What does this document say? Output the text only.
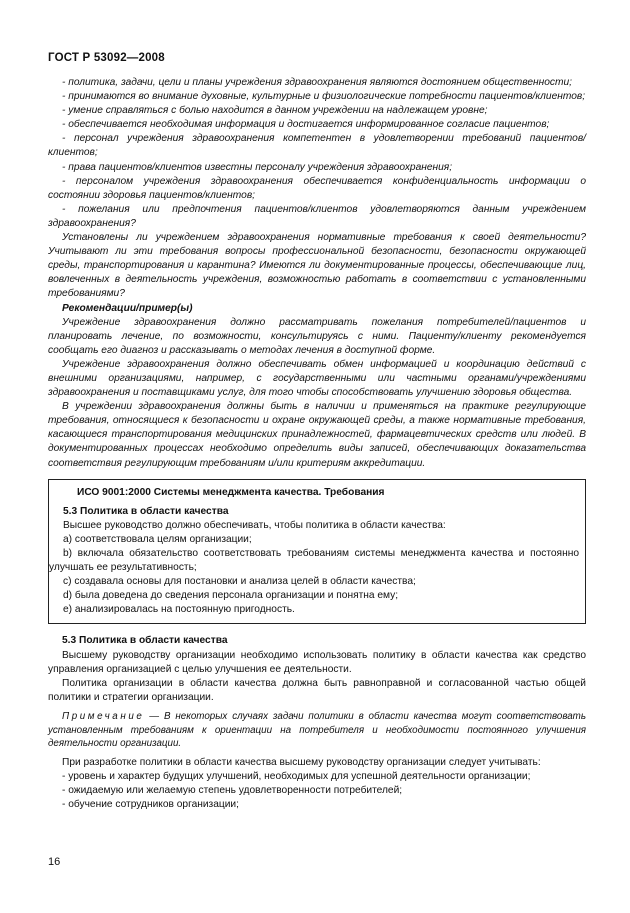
ГОСТ Р 53092—2008

- политика, задачи, цели и планы учреждения здравоохранения являются достоянием общественности;

- принимаются во внимание духовные, культурные и физиологические потребности пациентов/клиентов;

- умение справляться с болью находится в данном учреждении на надлежащем уровне;

- обеспечивается необходимая информация и достигается информированное согласие пациентов;

- персонал учреждения здравоохранения компетентен в удовлетворении требований пациентов/клиентов;

- права пациентов/клиентов известны персоналу учреждения здравоохранения;

- персоналом учреждения здравоохранения обеспечивается конфиденциальность информации о состоянии здоровья пациентов/клиентов;

- пожелания или предпочтения пациентов/клиентов удовлетворяются данным учреждением здравоохранения?

Установлены ли учреждением здравоохранения нормативные требования к своей деятельности? Учитывают ли эти требования вопросы профессиональной безопасности, безопасности окружающей среды, транспортирования и карантина? Имеются ли документированные процессы, обеспечивающие лиц, вовлеченных в деятельность учреждения, возможностью работать в соответствии с установленными требованиями?

Рекомендации/пример(ы)

Учреждение здравоохранения должно рассматривать пожелания потребителей/пациентов и планировать лечение, по возможности, консультируясь с ними. Пациенту/клиенту рекомендуется сообщать его диагноз и рассказывать о методах лечения в доступной форме.

Учреждение здравоохранения должно обеспечивать обмен информацией и координацию действий с внешними организациями, например, с государственными или частными органами/учреждениями здравоохранения и поставщиками услуг, для того чтобы способствовать улучшению здоровья общества.

В учреждении здравоохранения должны быть в наличии и применяться на практике регулирующие требования, относящиеся к безопасности и охране окружающей среды, а также нормативные требования, касающиеся транспортирования медицинских принадлежностей, фармацевтических средств или людей. В документированных процессах необходимо определить виды записей, обеспечивающих доказательства соответствия регулирующим требованиям и/или критериям аккредитации.

ИСО 9001:2000 Системы менеджмента качества. Требования

5.3 Политика в области качества

Высшее руководство должно обеспечивать, чтобы политика в области качества:

a) соответствовала целям организации;

b) включала обязательство соответствовать требованиям системы менеджмента качества и постоянно улучшать ее результативность;

c) создавала основы для постановки и анализа целей в области качества;

d) была доведена до сведения персонала организации и понятна ему;

e) анализировалась на постоянную пригодность.

5.3 Политика в области качества

Высшему руководству организации необходимо использовать политику в области качества как средство управления организацией с целью улучшения ее деятельности.

Политика организации в области качества должна быть равноправной и согласованной частью общей политики и стратегии организации.

Примечание — В некоторых случаях задачи политики в области качества могут соответствовать установленным требованиям к ориентации на потребителя и необходимости постоянного улучшения деятельности организации.

При разработке политики в области качества высшему руководству организации следует учитывать:

- уровень и характер будущих улучшений, необходимых для успешной деятельности организации;

- ожидаемую или желаемую степень удовлетворенности потребителей;

- обучение сотрудников организации;

16
